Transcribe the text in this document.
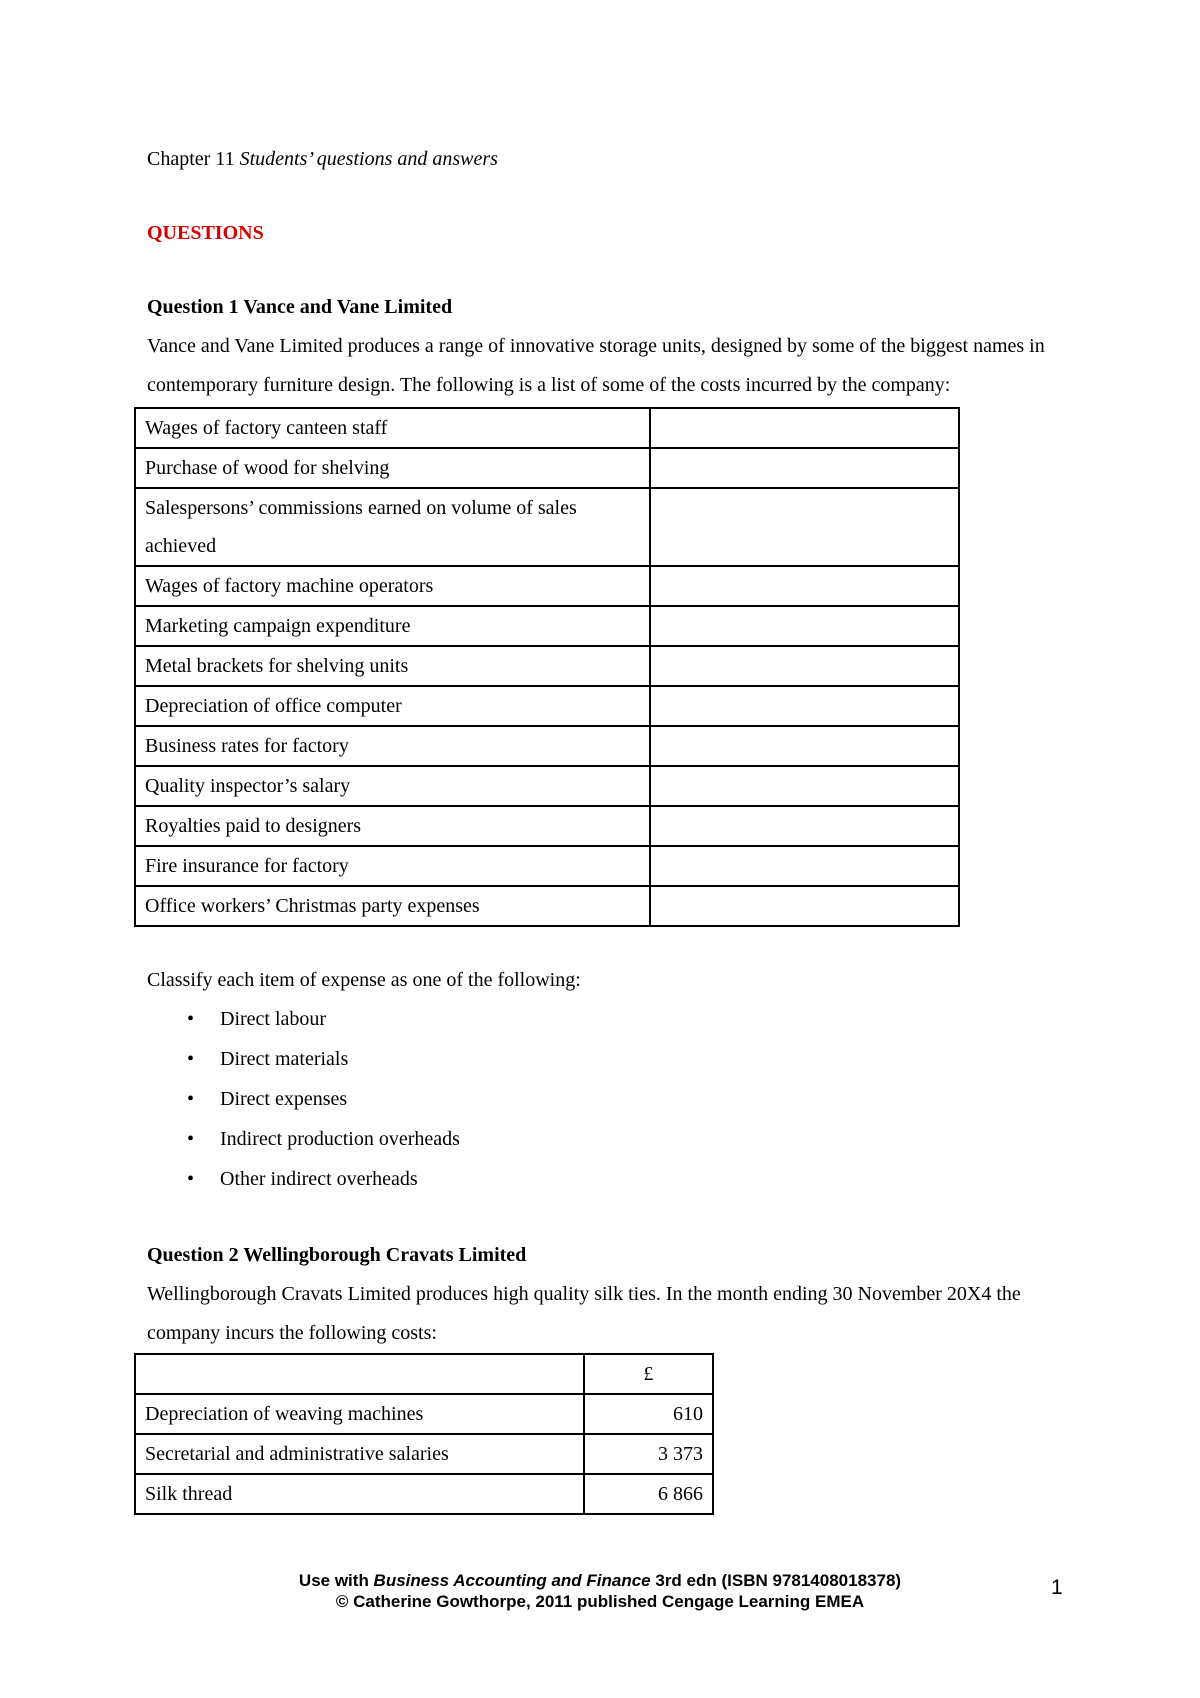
Chapter 11 Students’ questions and answers

QUESTIONS

Question 1 Vance and Vane Limited

Vance and Vane Limited produces a range of innovative storage units, designed by some of the biggest names in contemporary furniture design. The following is a list of some of the costs incurred by the company:

Wages of factory canteen staff	
Purchase of wood for shelving	
Salespersons’ commissions earned on volume of sales achieved	
Wages of factory machine operators	
Marketing campaign expenditure	
Metal brackets for shelving units	
Depreciation of office computer	
Business rates for factory	
Quality inspector’s salary	
Royalties paid to designers	
Fire insurance for factory	
Office workers’ Christmas party expenses	

Classify each item of expense as one of the following:

• Direct labour
• Direct materials
• Direct expenses
• Indirect production overheads
• Other indirect overheads

Question 2 Wellingborough Cravats Limited

Wellingborough Cravats Limited produces high quality silk ties. In the month ending 30 November 20X4 the company incurs the following costs:

	£
Depreciation of weaving machines	610
Secretarial and administrative salaries	3 373
Silk thread	6 866
Use with Business Accounting and Finance 3rd edn (ISBN 9781408018378)
© Catherine Gowthorpe, 2011 published Cengage Learning EMEA
1
